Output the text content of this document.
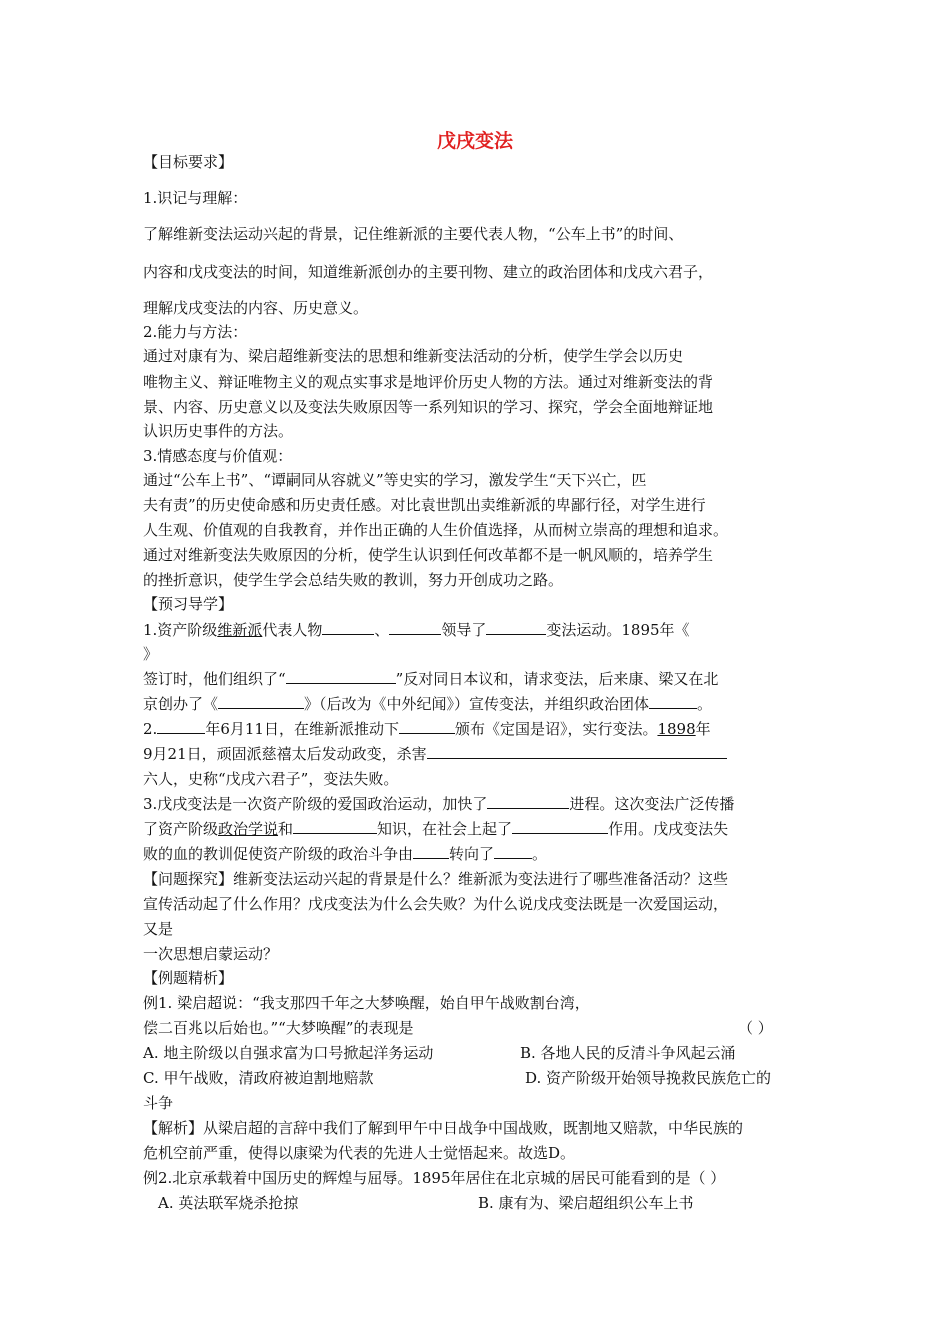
戊戌变法
【目标要求】
1.识记与理解：
了解维新变法运动兴起的背景，记住维新派的主要代表人物，“公车上书”的时间、
内容和戊戌变法的时间，知道维新派创办的主要刊物、建立的政治团体和戊戌六君子，
理解戊戌变法的内容、历史意义。
2.能力与方法：
通过对康有为、梁启超维新变法的思想和维新变法活动的分析，使学生学会以历史
唯物主义、辩证唯物主义的观点实事求是地评价历史人物的方法。通过对维新变法的背
景、内容、历史意义以及变法失败原因等一系列知识的学习、探究，学会全面地辩证地
认识历史事件的方法。
3.情感态度与价值观：
通过“公车上书”、“谭嗣同从容就义”等史实的学习，激发学生“天下兴亡，匹
夫有责”的历史使命感和历史责任感。对比袁世凯出卖维新派的卑鄙行径，对学生进行
人生观、价值观的自我教育，并作出正确的人生价值选择，从而树立崇高的理想和追求。
通过对维新变法失败原因的分析，使学生认识到任何改革都不是一帆风顺的，培养学生
的挫折意识，使学生学会总结失败的教训，努力开创成功之路。
【预习导学】
1.资产阶级维新派代表人物	、	领导了	变法运动。1895年《
》
签订时，他们组织了“	”反对同日本议和，请求变法，后来康、梁又在北
京创办了《	》（后改为《中外纪闻》）宣传变法，并组织政治团体	。
2.	年6月11日，在维新派推动下	颁布《定国是诏》，实行变法。1898年
9月21日，顽固派慈禧太后发动政变，杀害
六人，史称“戊戌六君子”，变法失败。
3.戊戌变法是一次资产阶级的爱国政治运动，加快了	进程。这次变法广泛传播
了资产阶级政治学说和	知识，在社会上起了	作用。戊戌变法失
败的血的教训促使资产阶级的政治斗争由 转向了	。
【问题探究】维新变法运动兴起的背景是什么？维新派为变法进行了哪些准备活动？这些
宣传活动起了什么作用？戊戌变法为什么会失败？为什么说戊戌变法既是一次爱国运动，
又是
一次思想启蒙运动？
【例题精析】
例1. 梁启超说：“我支那四千年之大梦唤醒，始自甲午战败割台湾，
偿二百兆以后始也。”“大梦唤醒”的表现是	（ ）
A. 地主阶级以自强求富为口号掀起洋务运动	B. 各地人民的反清斗争风起云涌
C. 甲午战败，清政府被迫割地赔款	D. 资产阶级开始领导挽救民族危亡的
斗争
【解析】从梁启超的言辞中我们了解到甲午中日战争中国战败，既割地又赔款，中华民族的
危机空前严重，使得以康梁为代表的先进人士觉悟起来。故选D。
例2.北京承载着中国历史的辉煌与屈辱。1895年居住在北京城的居民可能看到的是（ ）
A. 英法联军烧杀抢掠	B. 康有为、梁启超组织公车上书
